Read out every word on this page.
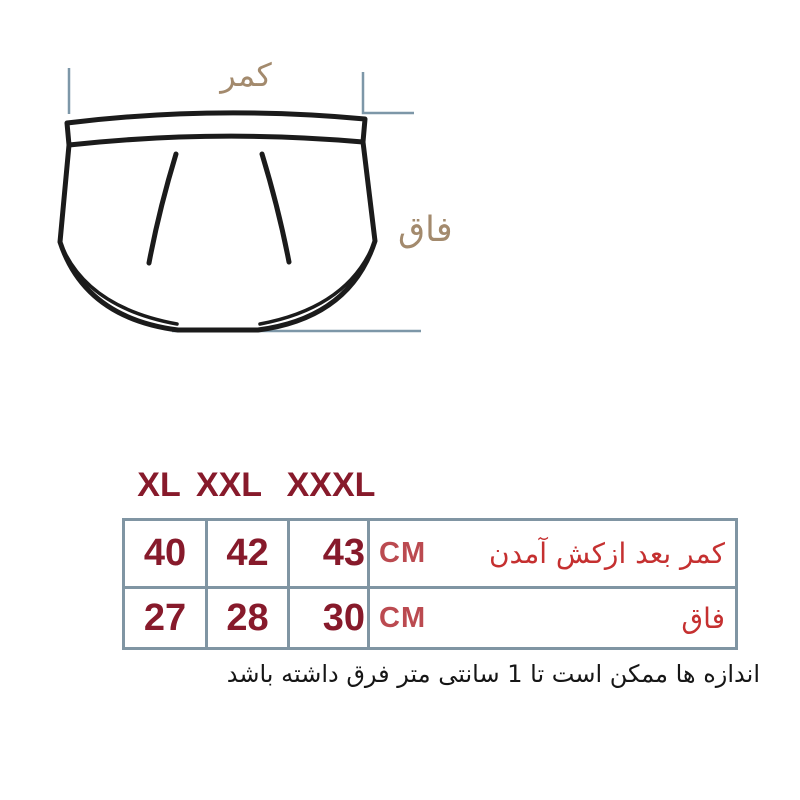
کمر
فاق
XL XXL XXXL
40 42 43 CM کمر بعد ازکش آمدن
27 28 30 CM	فاق
اندازه ها ممکن است تا 1 سانتی متر فرق داشته باشد
